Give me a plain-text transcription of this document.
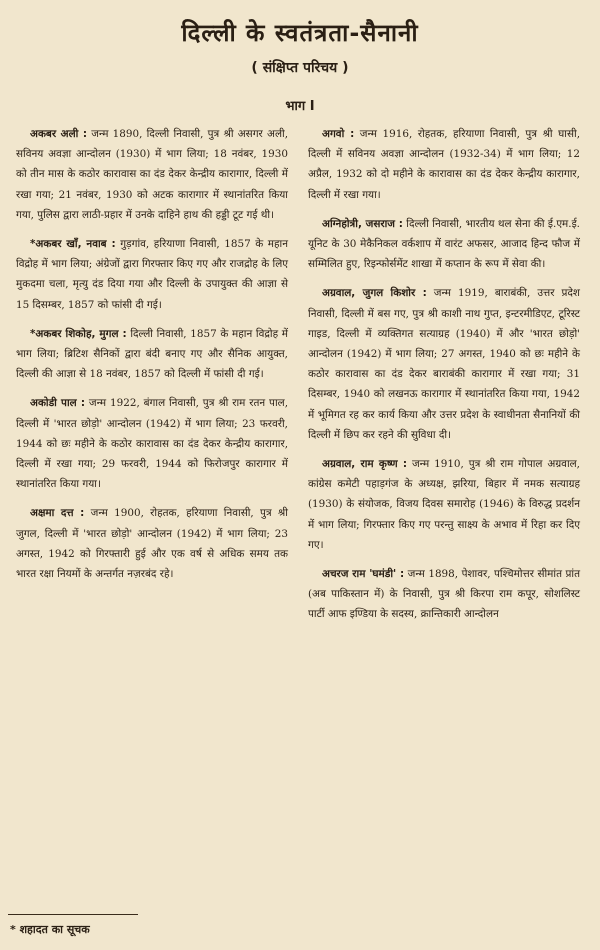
दिल्ली के स्वतंत्रता-सैनानी
( संक्षिप्त परिचय )
भाग I

अकबर अली : जन्म 1890, दिल्ली निवासी, पुत्र श्री असगर अली, सविनय अवज्ञा आन्दोलन (1930) में भाग लिया; 18 नवंबर, 1930 को तीन मास के कठोर कारावास का दंड देकर केन्द्रीय कारागार, दिल्ली में रखा गया; 21 नवंबर, 1930 को अटक कारागार में स्थानांतरित किया गया, पुलिस द्वारा लाठी-प्रहार में उनके दाहिने हाथ की हड्डी टूट गई थी।

*अकबर खाँ, नवाब : गुड़गांव, हरियाणा निवासी, 1857 के महान विद्रोह में भाग लिया; अंग्रेजों द्वारा गिरफ्तार किए गए और राजद्रोह के लिए मुकदमा चला, मृत्यु दंड दिया गया और दिल्ली के उपायुक्त की आज्ञा से 15 दिसम्बर, 1857 को फांसी दी गई।

*अकबर शिकोह, मुगल : दिल्ली निवासी, 1857 के महान विद्रोह में भाग लिया; ब्रिटिश सैनिकों द्वारा बंदी बनाए गए और सैनिक आयुक्त, दिल्ली की आज्ञा से 18 नवंबर, 1857 को दिल्ली में फांसी दी गई।

अकोडी पाल : जन्म 1922, बंगाल निवासी, पुत्र श्री राम रतन पाल, दिल्ली में 'भारत छोड़ो' आन्दोलन (1942) में भाग लिया; 23 फरवरी, 1944 को छः महीने के कठोर कारावास का दंड देकर केन्द्रीय कारागार, दिल्ली में रखा गया; 29 फरवरी, 1944 को फिरोजपुर कारागार में स्थानांतरित किया गया।

अक्षमा दत्त : जन्म 1900, रोहतक, हरियाणा निवासी, पुत्र श्री जुगल, दिल्ली में 'भारत छोड़ो' आन्दोलन (1942) में भाग लिया; 23 अगस्त, 1942 को गिरफ्तारी हुई और एक वर्ष से अधिक समय तक भारत रक्षा नियमों के अन्तर्गत नज़रबंद रहे।

अगवो : जन्म 1916, रोहतक, हरियाणा निवासी, पुत्र श्री घासी, दिल्ली में सविनय अवज्ञा आन्दोलन (1932-34) में भाग लिया; 12 अप्रैल, 1932 को दो महीने के कारावास का दंड देकर केन्द्रीय कारागार, दिल्ली में रखा गया।

अग्निहोत्री, जसराज : दिल्ली निवासी, भारतीय थल सेना की ई.एम.ई. यूनिट के 30 मेकैनिकल वर्कशाप में वारंट अफसर, आजाद हिन्द फौज में सम्मिलित हुए, रिइन्फोर्समेंट शाखा में कप्तान के रूप में सेवा की।

अग्रवाल, जुगल किशोर : जन्म 1919, बाराबंकी, उत्तर प्रदेश निवासी, दिल्ली में बस गए, पुत्र श्री काशी नाथ गुप्त, इन्टरमीडिएट, टूरिस्ट गाइड, दिल्ली में व्यक्तिगत सत्याग्रह (1940) में और 'भारत छोड़ो' आन्दोलन (1942) में भाग लिया; 27 अगस्त, 1940 को छः महीने के कठोर कारावास का दंड देकर बाराबंकी कारागार में रखा गया; 31 दिसम्बर, 1940 को लखनऊ कारागार में स्थानांतरित किया गया, 1942 में भूमिगत रह कर कार्य किया और उत्तर प्रदेश के स्वाधीनता सैनानियों की दिल्ली में छिप कर रहने की सुविधा दी।

अग्रवाल, राम कृष्ण : जन्म 1910, पुत्र श्री राम गोपाल अग्रवाल, कांग्रेस कमेटी पहाड़गंज के अध्यक्ष, झरिया, बिहार में नमक सत्याग्रह (1930) के संयोजक, विजय दिवस समारोह (1946) के विरुद्ध प्रदर्शन में भाग लिया; गिरफ्तार किए गए परन्तु साक्ष्य के अभाव में रिहा कर दिए गए।

अचरज राम 'घमंडी' : जन्म 1898, पेशावर, पश्चिमोत्तर सीमांत प्रांत (अब पाकिस्तान में) के निवासी, पुत्र श्री किरपा राम कपूर, सोशलिस्ट पार्टी आफ इण्डिया के सदस्य, क्रान्तिकारी आन्दोलन

* शहादत का सूचक
